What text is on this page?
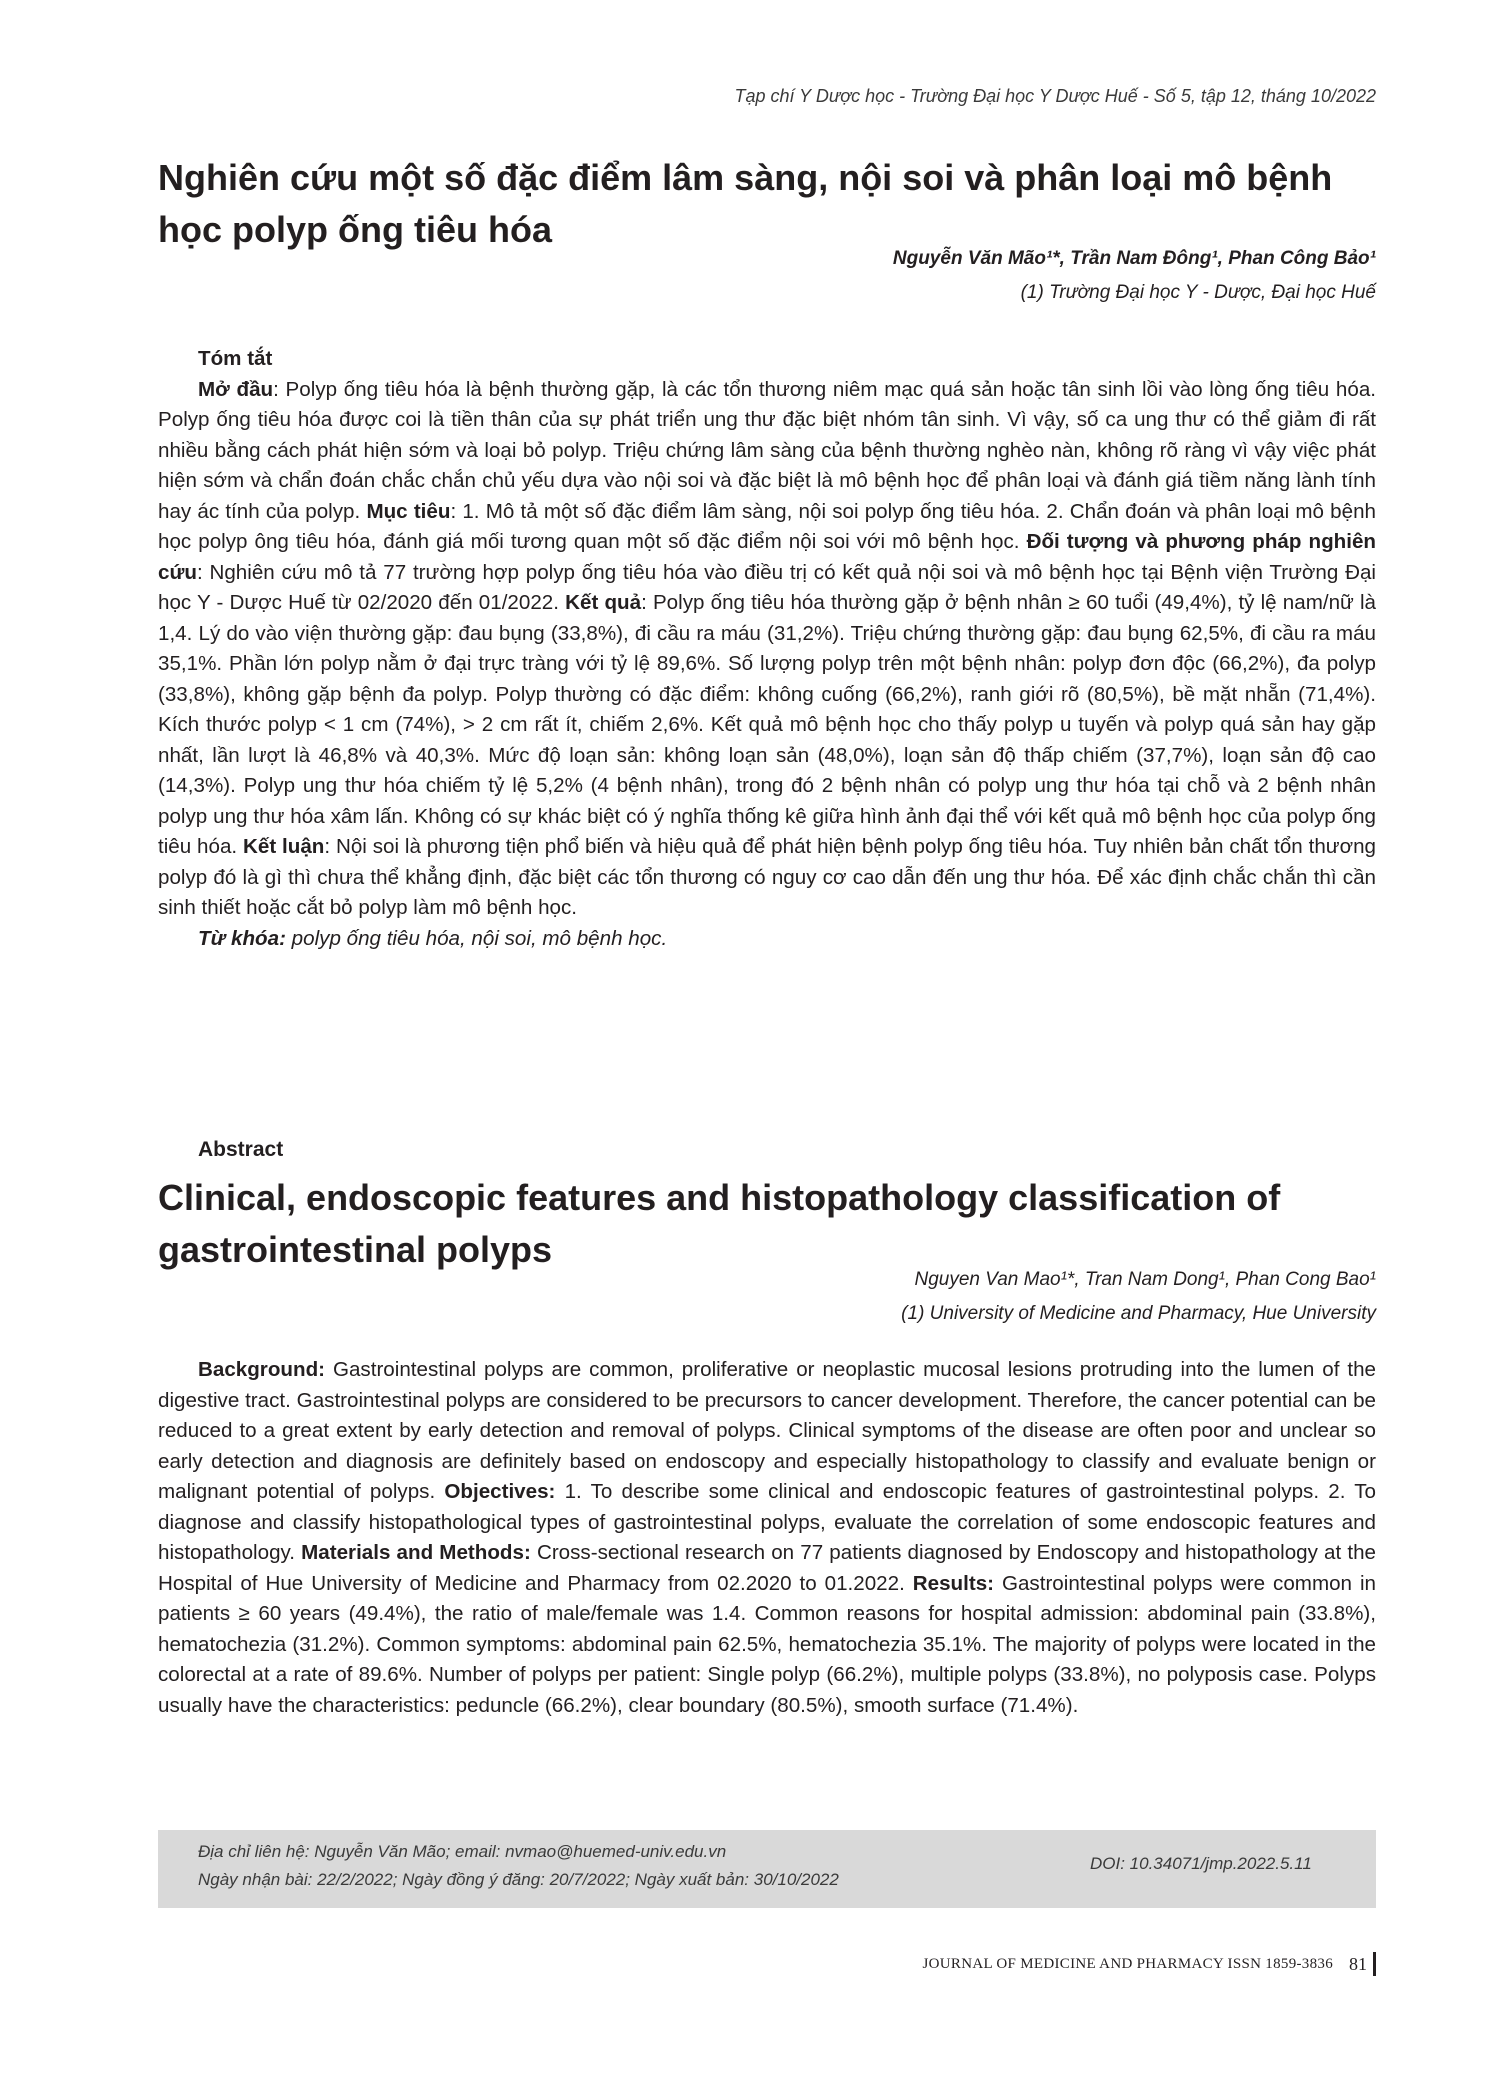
Tạp chí Y Dược học - Trường Đại học Y Dược Huế - Số 5, tập 12, tháng 10/2022
Nghiên cứu một số đặc điểm lâm sàng, nội soi và phân loại mô bệnh học polyp ống tiêu hóa
Nguyễn Văn Mão¹*, Trần Nam Đông¹, Phan Công Bảo¹
(1) Trường Đại học Y - Dược, Đại học Huế

Tóm tắt

Mở đầu: Polyp ống tiêu hóa là bệnh thường gặp, là các tổn thương niêm mạc quá sản hoặc tân sinh lồi vào lòng ống tiêu hóa. Polyp ống tiêu hóa được coi là tiền thân của sự phát triển ung thư đặc biệt nhóm tân sinh. Vì vậy, số ca ung thư có thể giảm đi rất nhiều bằng cách phát hiện sớm và loại bỏ polyp. Triệu chứng lâm sàng của bệnh thường nghèo nàn, không rõ ràng vì vậy việc phát hiện sớm và chẩn đoán chắc chắn chủ yếu dựa vào nội soi và đặc biệt là mô bệnh học để phân loại và đánh giá tiềm năng lành tính hay ác tính của polyp. Mục tiêu: 1. Mô tả một số đặc điểm lâm sàng, nội soi polyp ống tiêu hóa. 2. Chẩn đoán và phân loại mô bệnh học polyp ông tiêu hóa, đánh giá mối tương quan một số đặc điểm nội soi với mô bệnh học. Đối tượng và phương pháp nghiên cứu: Nghiên cứu mô tả 77 trường hợp polyp ống tiêu hóa vào điều trị có kết quả nội soi và mô bệnh học tại Bệnh viện Trường Đại học Y - Dược Huế từ 02/2020 đến 01/2022. Kết quả: Polyp ống tiêu hóa thường gặp ở bệnh nhân ≥ 60 tuổi (49,4%), tỷ lệ nam/nữ là 1,4. Lý do vào viện thường gặp: đau bụng (33,8%), đi cầu ra máu (31,2%). Triệu chứng thường gặp: đau bụng 62,5%, đi cầu ra máu 35,1%. Phần lớn polyp nằm ở đại trực tràng với tỷ lệ 89,6%. Số lượng polyp trên một bệnh nhân: polyp đơn độc (66,2%), đa polyp (33,8%), không gặp bệnh đa polyp. Polyp thường có đặc điểm: không cuống (66,2%), ranh giới rõ (80,5%), bề mặt nhẵn (71,4%). Kích thước polyp < 1 cm (74%), > 2 cm rất ít, chiếm 2,6%. Kết quả mô bệnh học cho thấy polyp u tuyến và polyp quá sản hay gặp nhất, lần lượt là 46,8% và 40,3%. Mức độ loạn sản: không loạn sản (48,0%), loạn sản độ thấp chiếm (37,7%), loạn sản độ cao (14,3%). Polyp ung thư hóa chiếm tỷ lệ 5,2% (4 bệnh nhân), trong đó 2 bệnh nhân có polyp ung thư hóa tại chỗ và 2 bệnh nhân polyp ung thư hóa xâm lấn. Không có sự khác biệt có ý nghĩa thống kê giữa hình ảnh đại thể với kết quả mô bệnh học của polyp ống tiêu hóa. Kết luận: Nội soi là phương tiện phổ biến và hiệu quả để phát hiện bệnh polyp ống tiêu hóa. Tuy nhiên bản chất tổn thương polyp đó là gì thì chưa thể khẳng định, đặc biệt các tổn thương có nguy cơ cao dẫn đến ung thư hóa. Để xác định chắc chắn thì cần sinh thiết hoặc cắt bỏ polyp làm mô bệnh học.

Từ khóa: polyp ống tiêu hóa, nội soi, mô bệnh học.

Abstract
Clinical, endoscopic features and histopathology classification of gastrointestinal polyps
Nguyen Van Mao¹*, Tran Nam Dong¹, Phan Cong Bao¹
(1) University of Medicine and Pharmacy, Hue University

Background: Gastrointestinal polyps are common, proliferative or neoplastic mucosal lesions protruding into the lumen of the digestive tract. Gastrointestinal polyps are considered to be precursors to cancer development. Therefore, the cancer potential can be reduced to a great extent by early detection and removal of polyps. Clinical symptoms of the disease are often poor and unclear so early detection and diagnosis are definitely based on endoscopy and especially histopathology to classify and evaluate benign or malignant potential of polyps. Objectives: 1. To describe some clinical and endoscopic features of gastrointestinal polyps. 2. To diagnose and classify histopathological types of gastrointestinal polyps, evaluate the correlation of some endoscopic features and histopathology. Materials and Methods: Cross-sectional research on 77 patients diagnosed by Endoscopy and histopathology at the Hospital of Hue University of Medicine and Pharmacy from 02.2020 to 01.2022. Results: Gastrointestinal polyps were common in patients ≥ 60 years (49.4%), the ratio of male/female was 1.4. Common reasons for hospital admission: abdominal pain (33.8%), hematochezia (31.2%). Common symptoms: abdominal pain 62.5%, hematochezia 35.1%. The majority of polyps were located in the colorectal at a rate of 89.6%. Number of polyps per patient: Single polyp (66.2%), multiple polyps (33.8%), no polyposis case. Polyps usually have the characteristics: peduncle (66.2%), clear boundary (80.5%), smooth surface (71.4%).

Địa chỉ liên hệ: Nguyễn Văn Mão; email: nvmao@huemed-univ.edu.vn
Ngày nhận bài: 22/2/2022; Ngày đồng ý đăng: 20/7/2022; Ngày xuất bản: 30/10/2022
DOI: 10.34071/jmp.2022.5.11
JOURNAL OF MEDICINE AND PHARMACY ISSN 1859-3836 81
